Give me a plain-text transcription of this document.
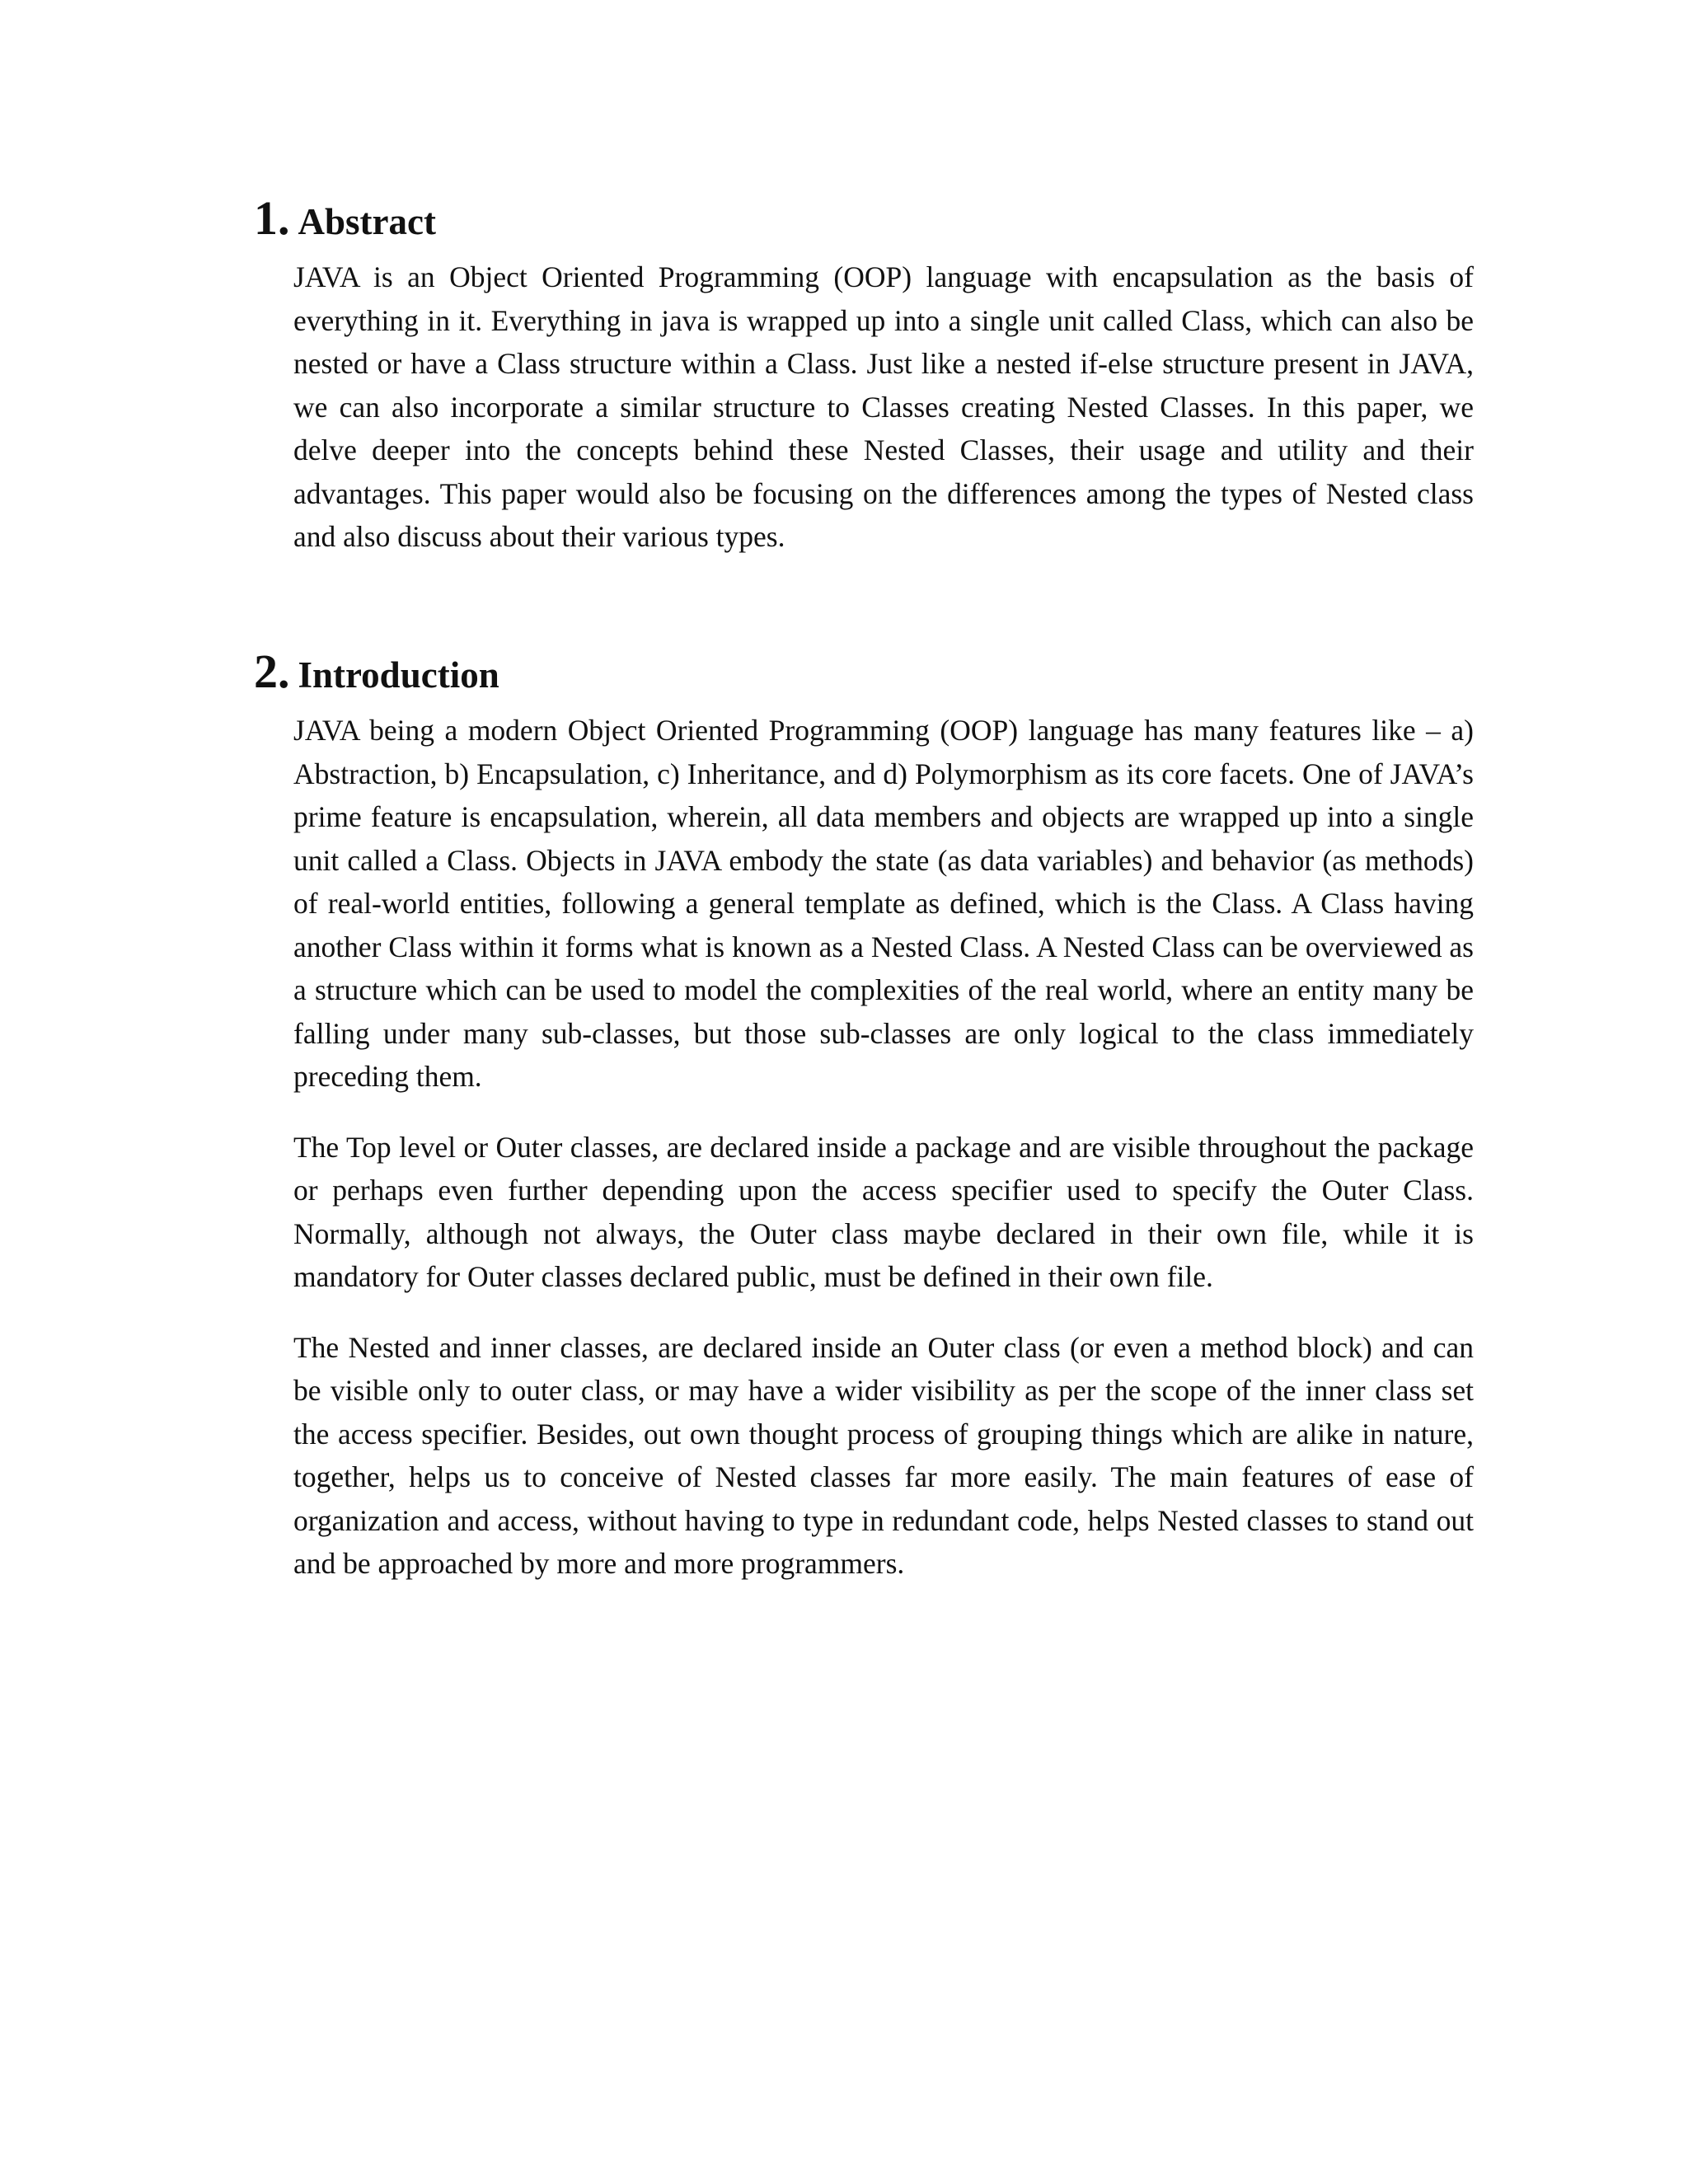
1. Abstract

JAVA is an Object Oriented Programming (OOP) language with encapsulation as the basis of everything in it. Everything in java is wrapped up into a single unit called Class, which can also be nested or have a Class structure within a Class. Just like a nested if-else structure present in JAVA, we can also incorporate a similar structure to Classes creating Nested Classes. In this paper, we delve deeper into the concepts behind these Nested Classes, their usage and utility and their advantages. This paper would also be focusing on the differences among the types of Nested class and also discuss about their various types.

2. Introduction

JAVA being a modern Object Oriented Programming (OOP) language has many features like – a) Abstraction, b) Encapsulation, c) Inheritance, and d) Polymorphism as its core facets. One of JAVA’s prime feature is encapsulation, wherein, all data members and objects are wrapped up into a single unit called a Class. Objects in JAVA embody the state (as data variables) and behavior (as methods) of real-world entities, following a general template as defined, which is the Class. A Class having another Class within it forms what is known as a Nested Class. A Nested Class can be overviewed as a structure which can be used to model the complexities of the real world, where an entity many be falling under many sub-classes, but those sub-classes are only logical to the class immediately preceding them.

The Top level or Outer classes, are declared inside a package and are visible throughout the package or perhaps even further depending upon the access specifier used to specify the Outer Class. Normally, although not always, the Outer class maybe declared in their own file, while it is mandatory for Outer classes declared public, must be defined in their own file.

The Nested and inner classes, are declared inside an Outer class (or even a method block) and can be visible only to outer class, or may have a wider visibility as per the scope of the inner class set the access specifier. Besides, out own thought process of grouping things which are alike in nature, together, helps us to conceive of Nested classes far more easily. The main features of ease of organization and access, without having to type in redundant code, helps Nested classes to stand out and be approached by more and more programmers.
